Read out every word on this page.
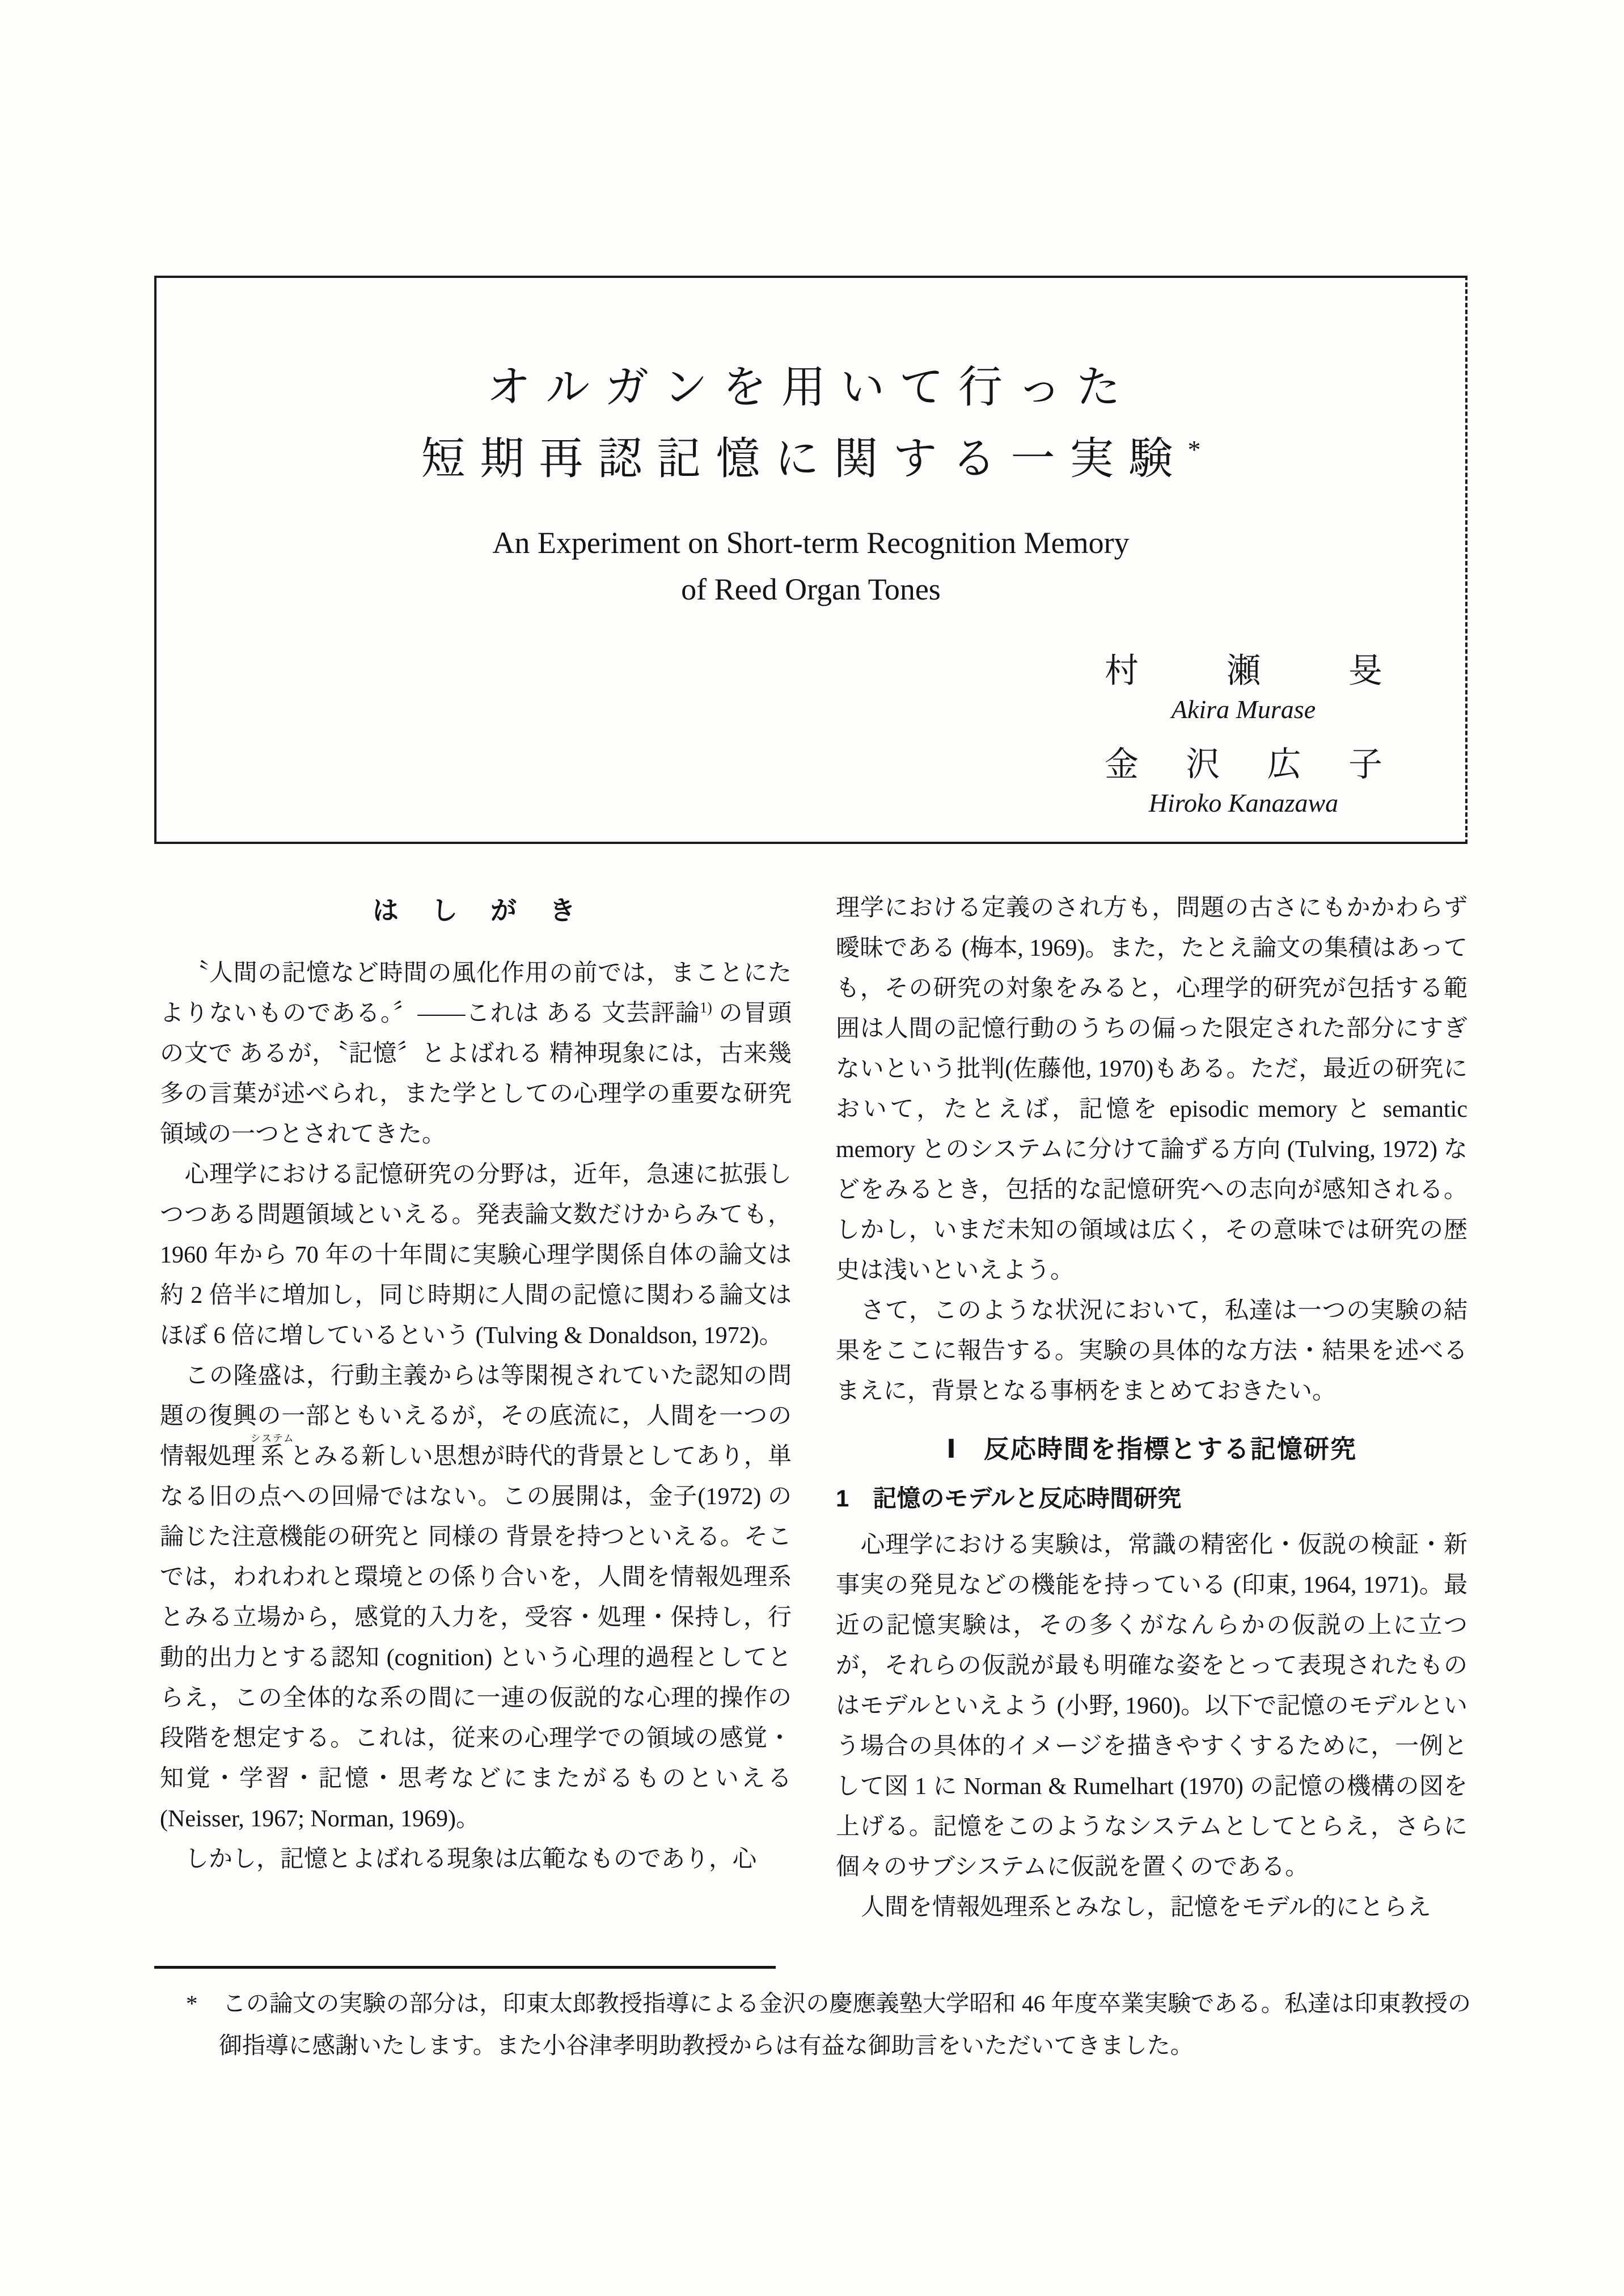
オルガンを用いて行った
短期再認記憶に関する一実験*
An Experiment on Short-term Recognition Memory
of Reed Organ Tones
村　瀬　旻
Akira Murase
金　沢　広　子
Hiroko Kanazawa
は　し　が　き

〝人間の記憶など時間の風化作用の前では，まことにたよりないものである。〞――これは ある 文芸評論$^{1)}$ の冒頭の文で あるが，〝記憶〞とよばれる 精神現象には，古来幾多の言葉が述べられ，また学としての心理学の重要な研究領域の一つとされてきた。

心理学における記憶研究の分野は，近年，急速に拡張しつつある問題領域といえる。発表論文数だけからみても，1960 年から 70 年の十年間に実験心理学関係自体の論文は約 2 倍半に増加し，同じ時期に人間の記憶に関わる論文はほぼ 6 倍に増しているという (Tulving & Donaldson, 1972)。

この隆盛は，行動主義からは等閑視されていた認知の問題の復興の一部ともいえるが，その底流に，人間を一つの情報処理系システムとみる新しい思想が時代的背景としてあり，単なる旧の点への回帰ではない。この展開は，金子(1972) の論じた注意機能の研究と 同様の 背景を持つといえる。そこでは，われわれと環境との係り合いを，人間を情報処理系とみる立場から，感覚的入力を，受容・処理・保持し，行動的出力とする認知 (cognition) という心理的過程としてとらえ，この全体的な系の間に一連の仮説的な心理的操作の段階を想定する。これは，従来の心理学での領域の感覚・知覚・学習・記憶・思考などにまたがるものといえる (Neisser, 1967; Norman, 1969)。

しかし，記憶とよばれる現象は広範なものであり，心

理学における定義のされ方も，問題の古さにもかかわらず曖昧である (梅本, 1969)。また，たとえ論文の集積はあっても，その研究の対象をみると，心理学的研究が包括する範囲は人間の記憶行動のうちの偏った限定された部分にすぎないという批判(佐藤他, 1970)もある。ただ，最近の研究において，たとえば，記憶を episodic memory と semantic memory とのシステムに分けて論ずる方向 (Tulving, 1972) などをみるとき，包括的な記憶研究への志向が感知される。しかし，いまだ未知の領域は広く，その意味では研究の歴史は浅いといえよう。

さて，このような状況において，私達は一つの実験の結果をここに報告する。実験の具体的な方法・結果を述べるまえに，背景となる事柄をまとめておきたい。

Ⅰ　反応時間を指標とする記憶研究
1　記憶のモデルと反応時間研究

心理学における実験は，常識の精密化・仮説の検証・新事実の発見などの機能を持っている (印東, 1964, 1971)。最近の記憶実験は，その多くがなんらかの仮説の上に立つが，それらの仮説が最も明確な姿をとって表現されたものはモデルといえよう (小野, 1960)。以下で記憶のモデルという場合の具体的イメージを描きやすくするために，一例として図 1 に Norman & Rumelhart (1970) の記憶の機構の図を上げる。記憶をこのようなシステムとしてとらえ，さらに個々のサブシステムに仮説を置くのである。

人間を情報処理系とみなし，記憶をモデル的にとらえ

* この論文の実験の部分は，印東太郎教授指導による金沢の慶應義塾大学昭和 46 年度卒業実験である。私達は印東教授の御指導に感謝いたします。また小谷津孝明助教授からは有益な御助言をいただいてきました。
